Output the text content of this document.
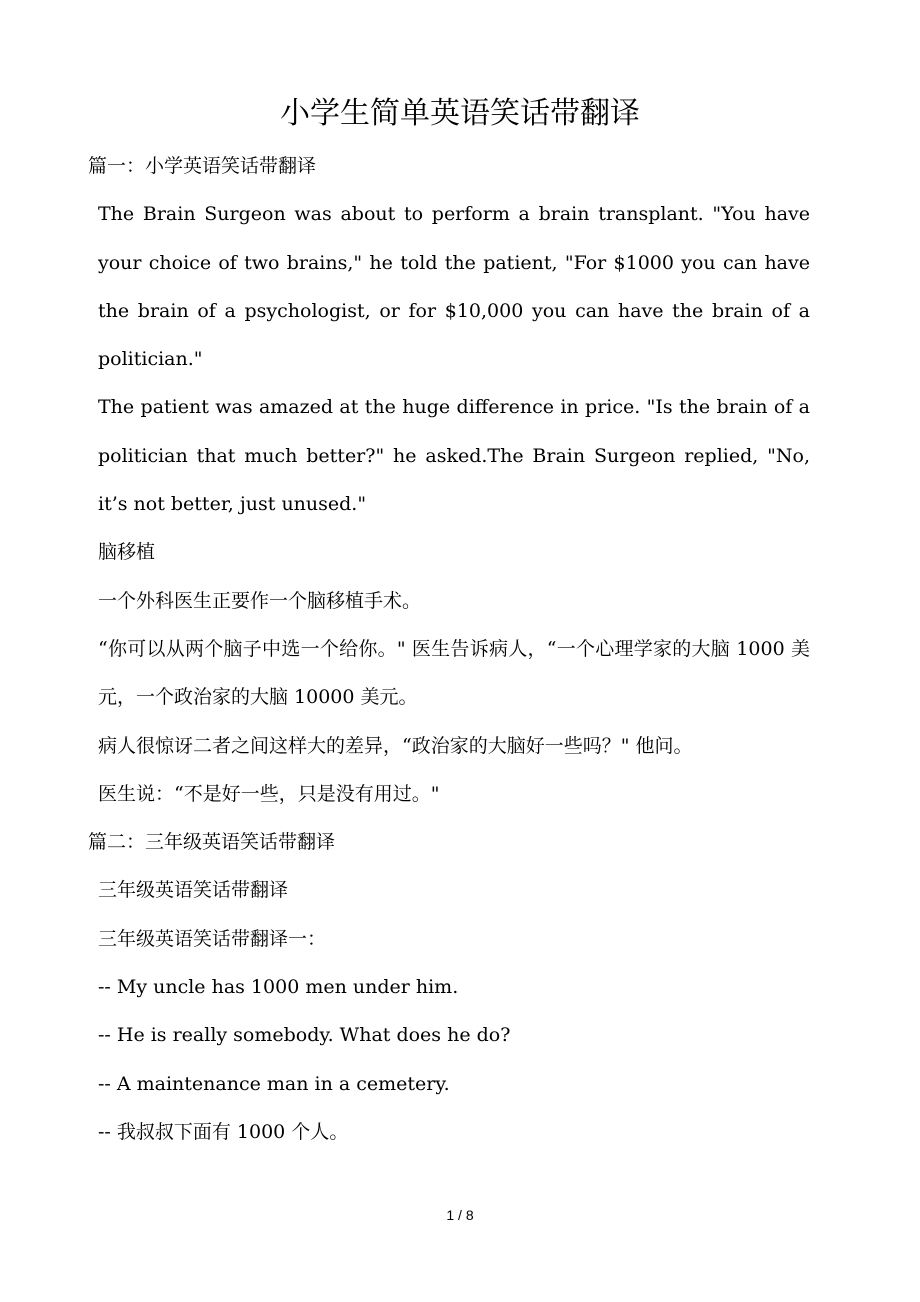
小学生简单英语笑话带翻译

篇一：小学英语笑话带翻译

The Brain Surgeon was about to perform a brain transplant. "You have your choice of two brains," he told the patient, "For $1000 you can have the brain of a psychologist, or for $10,000 you can have the brain of a politician."

The patient was amazed at the huge difference in price. "Is the brain of a politician that much better?" he asked.The Brain Surgeon replied, "No, it’s not better, just unused."

脑移植

一个外科医生正要作一个脑移植手术。

“你可以从两个脑子中选一个给你。" 医生告诉病人，“一个心理学家的大脑 1000 美元，一个政治家的大脑 10000 美元。

病人很惊讶二者之间这样大的差异，“政治家的大脑好一些吗？" 他问。

医生说：“不是好一些，只是没有用过。"

篇二：三年级英语笑话带翻译

三年级英语笑话带翻译

三年级英语笑话带翻译一：

-- My uncle has 1000 men under him.

-- He is really somebody. What does he do?

-- A maintenance man in a cemetery.

-- 我叔叔下面有 1000 个人。

1 / 8
